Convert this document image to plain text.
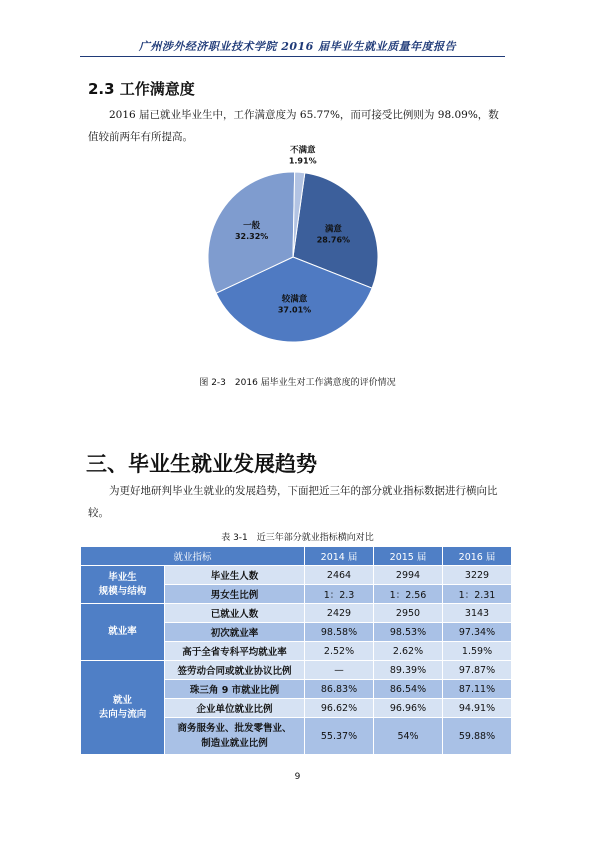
广州涉外经济职业技术学院 2016 届毕业生就业质量年度报告
2.3 工作满意度
2016 届已就业毕业生中，工作满意度为 65.77%，而可接受比例则为 98.09%，数值较前两年有所提高。
满意
28.76%
较满意
37.01%
一般
32.32%
不满意
1.91%
图 2-3　2016 届毕业生对工作满意度的评价情况
三、毕业生就业发展趋势
为更好地研判毕业生就业的发展趋势，下面把近三年的部分就业指标数据进行横向比较。
表 3-1　近三年部分就业指标横向对比
就业指标		2014 届	2015 届	2016 届
毕业生
规模与结构	毕业生人数	2464	2994	3229
	男女生比例	1：2.3	1：2.56	1：2.31
就业率	已就业人数	2429	2950	3143
	初次就业率	98.58%	98.53%	97.34%
	高于全省专科平均就业率	2.52%	2.62%	1.59%
就业
去向与流向	签劳动合同或就业协议比例	—	89.39%	97.87%
	珠三角 9 市就业比例	86.83%	86.54%	87.11%
	企业单位就业比例	96.62%	96.96%	94.91%
	商务服务业、批发零售业、
制造业就业比例	55.37%	54%	59.88%
9
